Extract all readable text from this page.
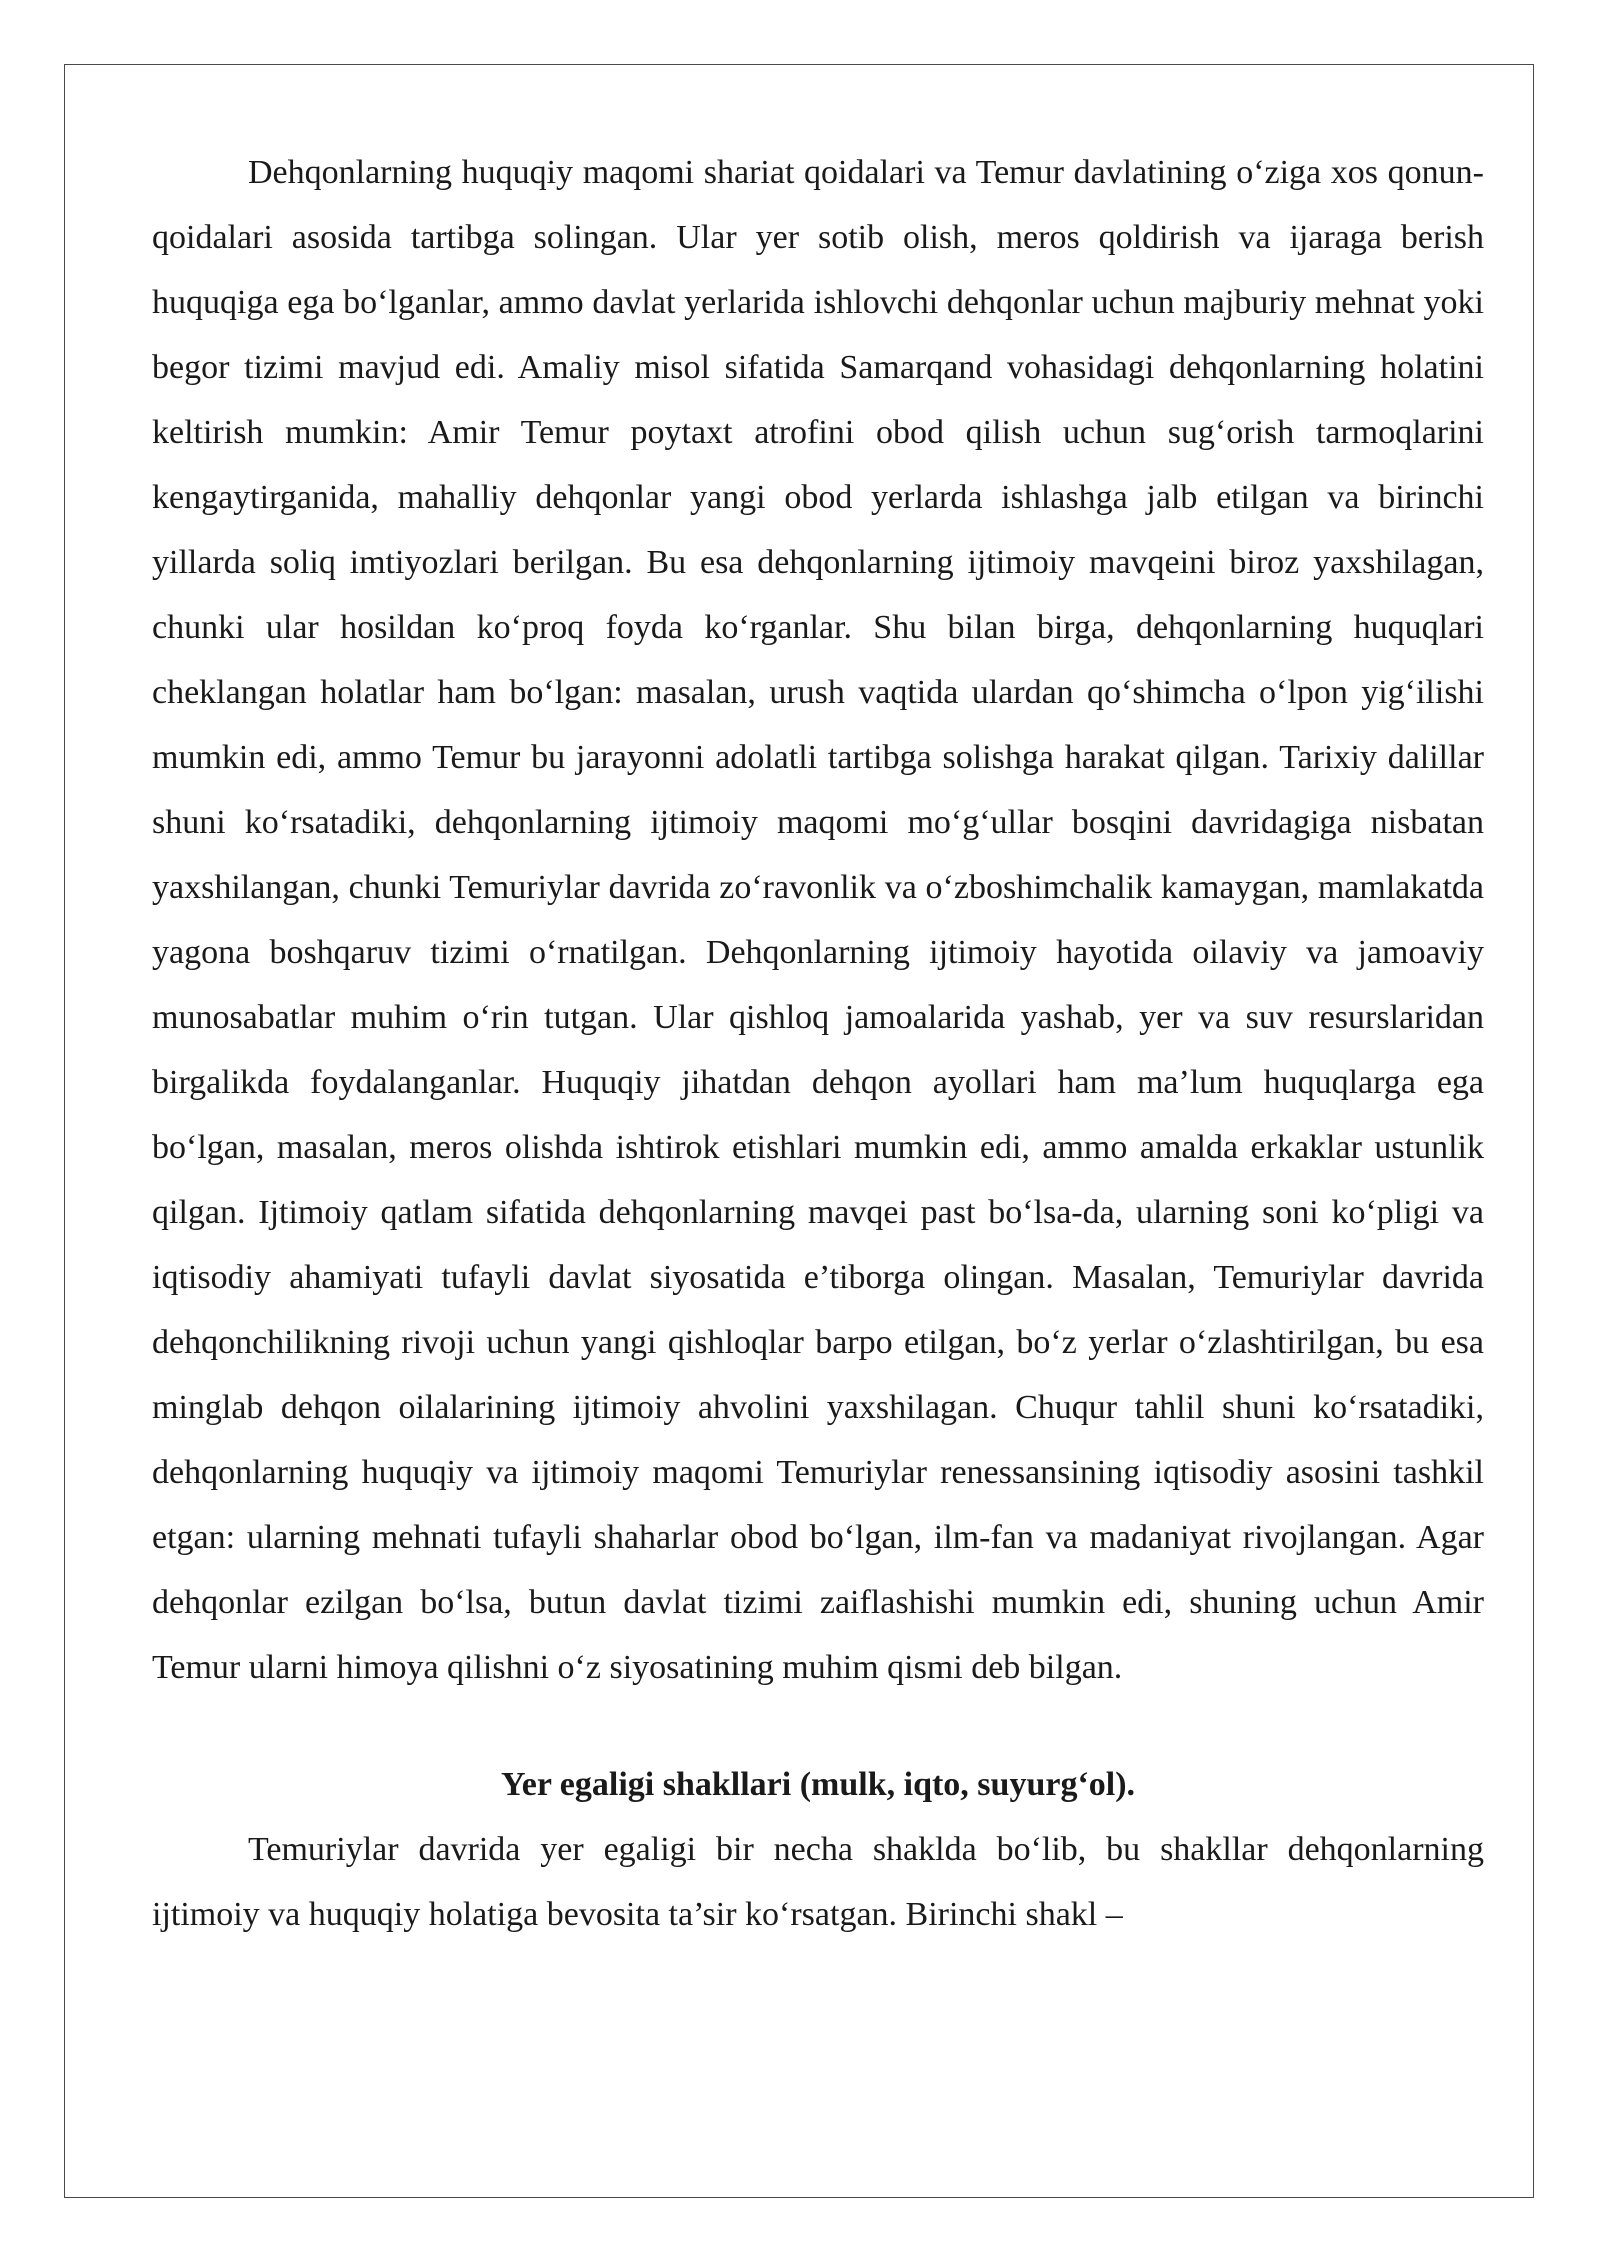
Dehqonlarning huquqiy maqomi shariat qoidalari va Temur davlatining o‘ziga xos qonun-qoidalari asosida tartibga solingan. Ular yer sotib olish, meros qoldirish va ijaraga berish huquqiga ega bo‘lganlar, ammo davlat yerlarida ishlovchi dehqonlar uchun majburiy mehnat yoki begor tizimi mavjud edi. Amaliy misol sifatida Samarqand vohasidagi dehqonlarning holatini keltirish mumkin: Amir Temur poytaxt atrofini obod qilish uchun sug‘orish tarmoqlarini kengaytirganida, mahalliy dehqonlar yangi obod yerlarda ishlashga jalb etilgan va birinchi yillarda soliq imtiyozlari berilgan. Bu esa dehqonlarning ijtimoiy mavqeini biroz yaxshilagan, chunki ular hosildan ko‘proq foyda ko‘rganlar. Shu bilan birga, dehqonlarning huquqlari cheklangan holatlar ham bo‘lgan: masalan, urush vaqtida ulardan qo‘shimcha o‘lpon yig‘ilishi mumkin edi, ammo Temur bu jarayonni adolatli tartibga solishga harakat qilgan. Tarixiy dalillar shuni ko‘rsatadiki, dehqonlarning ijtimoiy maqomi mo‘g‘ullar bosqini davridagiga nisbatan yaxshilangan, chunki Temuriylar davrida zo‘ravonlik va o‘zboshimchalik kamaygan, mamlakatda yagona boshqaruv tizimi o‘rnatilgan. Dehqonlarning ijtimoiy hayotida oilaviy va jamoaviy munosabatlar muhim o‘rin tutgan. Ular qishloq jamoalarida yashab, yer va suv resurslaridan birgalikda foydalanganlar. Huquqiy jihatdan dehqon ayollari ham ma’lum huquqlarga ega bo‘lgan, masalan, meros olishda ishtirok etishlari mumkin edi, ammo amalda erkaklar ustunlik qilgan. Ijtimoiy qatlam sifatida dehqonlarning mavqei past bo‘lsa-da, ularning soni ko‘pligi va iqtisodiy ahamiyati tufayli davlat siyosatida e’tiborga olingan. Masalan, Temuriylar davrida dehqonchilikning rivoji uchun yangi qishloqlar barpo etilgan, bo‘z yerlar o‘zlashtirilgan, bu esa minglab dehqon oilalarining ijtimoiy ahvolini yaxshilagan. Chuqur tahlil shuni ko‘rsatadiki, dehqonlarning huquqiy va ijtimoiy maqomi Temuriylar renessansining iqtisodiy asosini tashkil etgan: ularning mehnati tufayli shaharlar obod bo‘lgan, ilm-fan va madaniyat rivojlangan. Agar dehqonlar ezilgan bo‘lsa, butun davlat tizimi zaiflashishi mumkin edi, shuning uchun Amir Temur ularni himoya qilishni o‘z siyosatining muhim qismi deb bilgan.

Yer egaligi shakllari (mulk, iqto, suyurg‘ol).

Temuriylar davrida yer egaligi bir necha shaklda bo‘lib, bu shakllar dehqonlarning ijtimoiy va huquqiy holatiga bevosita ta’sir ko‘rsatgan. Birinchi shakl –
